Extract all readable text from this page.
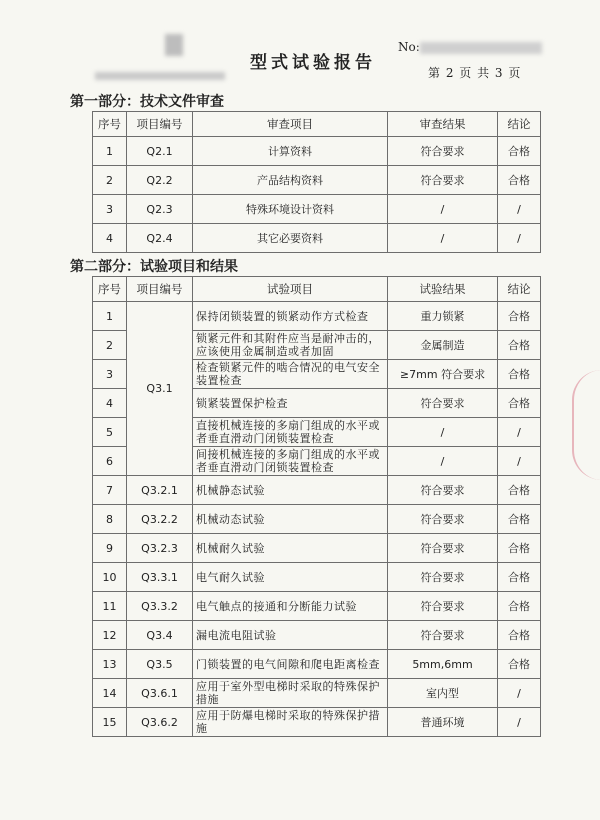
型式试验报告
No:
第 2 页 共 3 页
第一部分：技术文件审查
序号	项目编号	审查项目	审查结果	结论
1	Q2.1	计算资料	符合要求	合格
2	Q2.2	产品结构资料	符合要求	合格
3	Q2.3	特殊环境设计资料	/	/
4	Q2.4	其它必要资料	/	/
第二部分：试验项目和结果
序号	项目编号	试验项目	试验结果	结论
1	Q3.1	保持闭锁装置的锁紧动作方式检查	重力锁紧	合格
2		锁紧元件和其附件应当是耐冲击的，应该使用金属制造或者加固	金属制造	合格
3		检查锁紧元件的啮合情况的电气安全装置检查	≥7mm 符合要求	合格
4		锁紧装置保护检查	符合要求	合格
5		直接机械连接的多扇门组成的水平或者垂直滑动门闭锁装置检查	/	/
6		间接机械连接的多扇门组成的水平或者垂直滑动门闭锁装置检查	/	/
7	Q3.2.1	机械静态试验	符合要求	合格
8	Q3.2.2	机械动态试验	符合要求	合格
9	Q3.2.3	机械耐久试验	符合要求	合格
10	Q3.3.1	电气耐久试验	符合要求	合格
11	Q3.3.2	电气触点的接通和分断能力试验	符合要求	合格
12	Q3.4	漏电流电阻试验	符合要求	合格
13	Q3.5	门锁装置的电气间隙和爬电距离检查	5mm,6mm	合格
14	Q3.6.1	应用于室外型电梯时采取的特殊保护措施	室内型	/
15	Q3.6.2	应用于防爆电梯时采取的特殊保护措施	普通环境	/
